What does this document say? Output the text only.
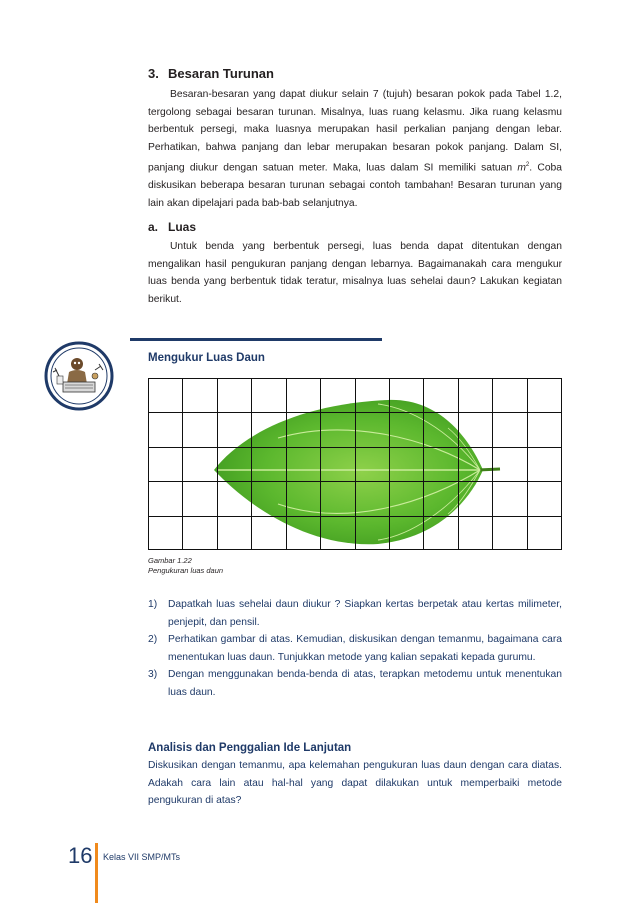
3. Besaran Turunan
Besaran-besaran yang dapat diukur selain 7 (tujuh) besaran pokok pada Tabel 1.2, tergolong sebagai besaran turunan. Misalnya, luas ruang kelasmu. Jika ruang kelasmu berbentuk persegi, maka luasnya merupakan hasil perkalian panjang dengan lebar. Perhatikan, bahwa panjang dan lebar merupakan besaran pokok panjang. Dalam SI, panjang diukur dengan satuan meter. Maka, luas dalam SI memiliki satuan $m^2$. Coba diskusikan beberapa besaran turunan sebagai contoh tambahan! Besaran turunan yang lain akan dipelajari pada bab-bab selanjutnya.
a. Luas
Untuk benda yang berbentuk persegi, luas benda dapat ditentukan dengan mengalikan hasil pengukuran panjang dengan lebarnya. Bagaimanakah cara mengukur luas benda yang berbentuk tidak teratur, misalnya luas sehelai daun? Lakukan kegiatan berikut.
Mengukur Luas Daun
Gambar 1.22
Pengukuran luas daun
1) Dapatkah luas sehelai daun diukur ? Siapkan kertas berpetak atau kertas milimeter, penjepit, dan pensil.
2) Perhatikan gambar di atas. Kemudian, diskusikan dengan temanmu, bagaimana cara menentukan luas daun. Tunjukkan metode yang kalian sepakati kepada gurumu.
3) Dengan menggunakan benda-benda di atas, terapkan metodemu untuk menentukan luas daun.
Analisis dan Penggalian Ide Lanjutan
Diskusikan dengan temanmu, apa kelemahan pengukuran luas daun dengan cara diatas. Adakah cara lain atau hal-hal yang dapat dilakukan untuk memperbaiki metode pengukuran di atas?
16 Kelas VII SMP/MTs
